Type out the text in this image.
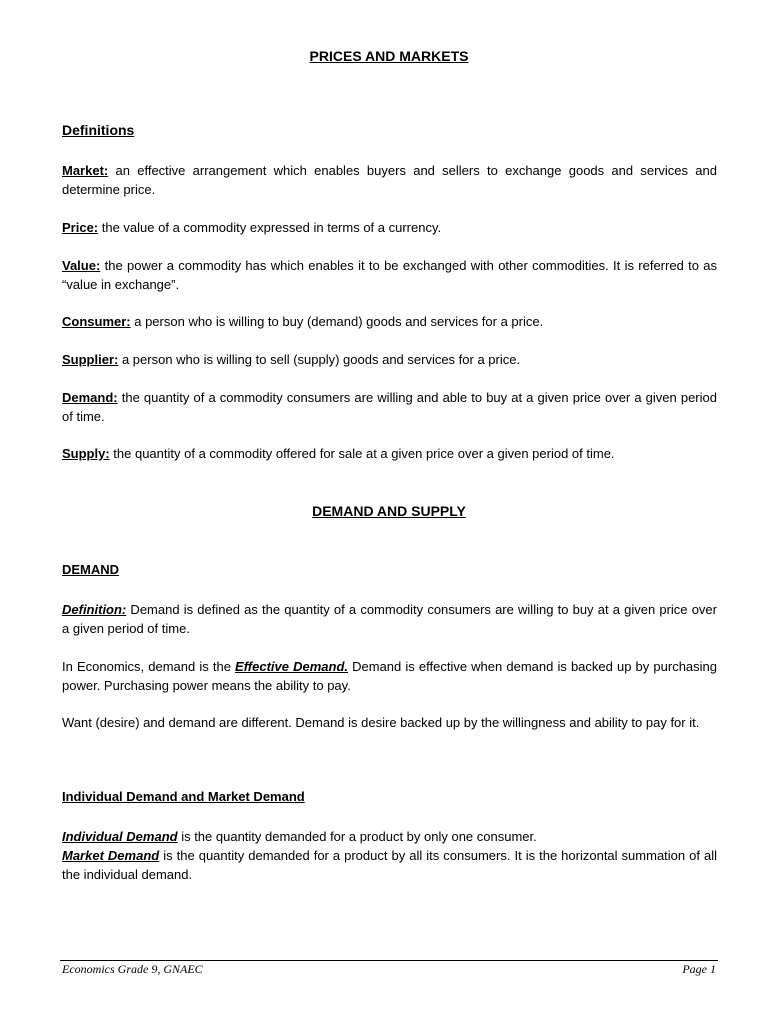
PRICES AND MARKETS
Definitions
Market: an effective arrangement which enables buyers and sellers to exchange goods and services and determine price.
Price: the value of a commodity expressed in terms of a currency.
Value: the power a commodity has which enables it to be exchanged with other commodities. It is referred to as “value in exchange”.
Consumer: a person who is willing to buy (demand) goods and services for a price.
Supplier: a person who is willing to sell (supply) goods and services for a price.
Demand: the quantity of a commodity consumers are willing and able to buy at a given price over a given period of time.
Supply: the quantity of a commodity offered for sale at a given price over a given period of time.
DEMAND AND SUPPLY
DEMAND
Definition: Demand is defined as the quantity of a commodity consumers are willing to buy at a given price over a given period of time.
In Economics, demand is the Effective Demand. Demand is effective when demand is backed up by purchasing power. Purchasing power means the ability to pay.
Want (desire) and demand are different. Demand is desire backed up by the willingness and ability to pay for it.
Individual Demand and Market Demand
Individual Demand is the quantity demanded for a product by only one consumer.
Market Demand is the quantity demanded for a product by all its consumers. It is the horizontal summation of all the individual demand.
Economics Grade 9, GNAEC	Page 1
